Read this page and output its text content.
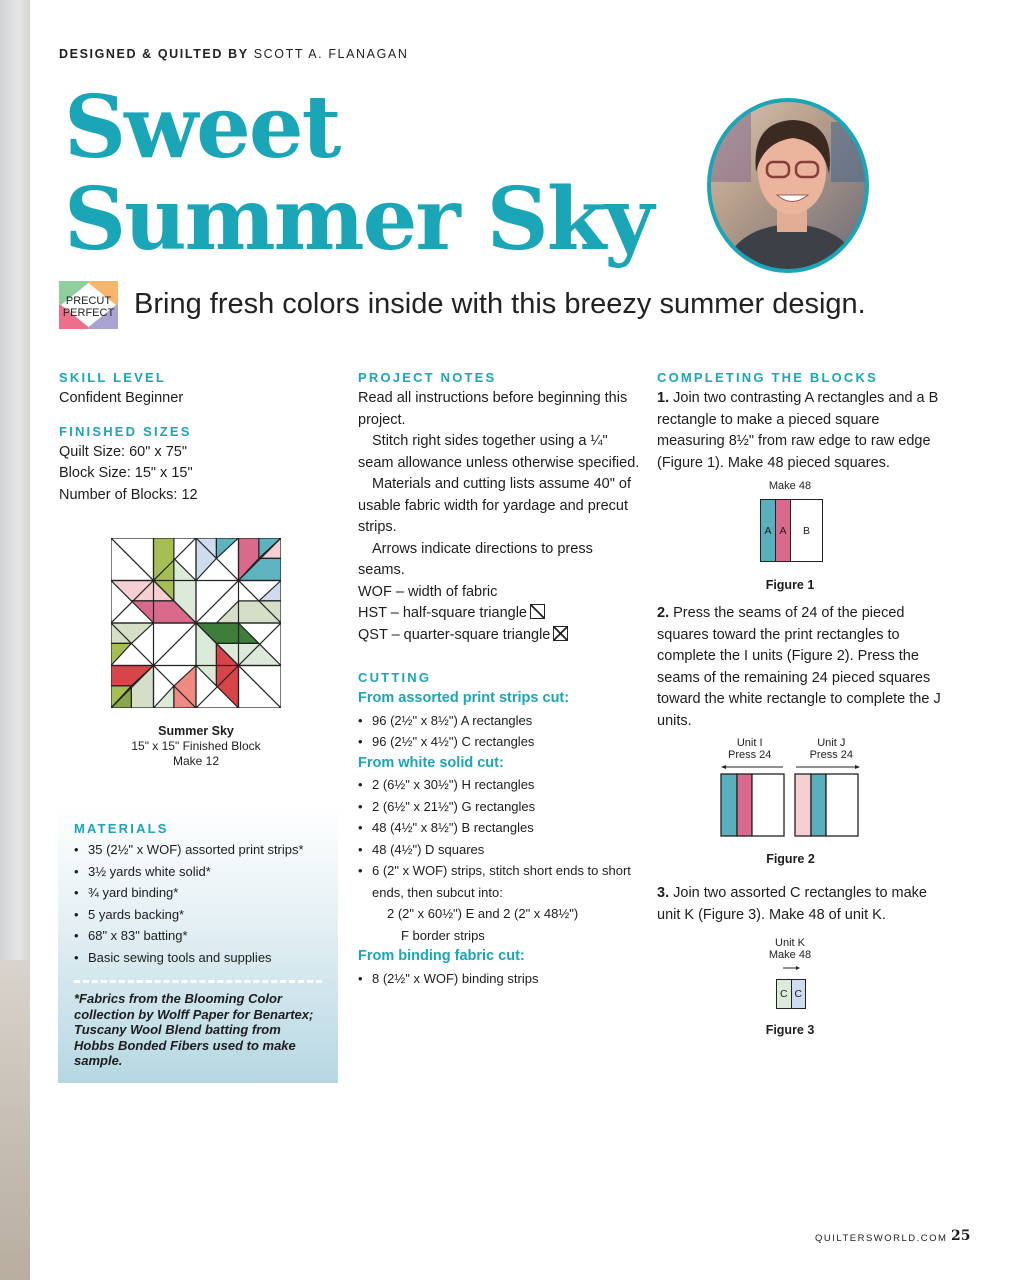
DESIGNED & QUILTED BY SCOTT A. FLANAGAN
Sweet
Summer Sky
PRECUT
PERFECT Bring fresh colors inside with this breezy summer design.
SKILL LEVEL
Confident Beginner
FINISHED SIZES
Quilt Size: 60" x 75"
Block Size: 15" x 15"
Number of Blocks: 12
Summer Sky
15" x 15" Finished Block
Make 12
MATERIALS
• 35 (2½" x WOF) assorted print strips*
• 3½ yards white solid*
• ¾ yard binding*
• 5 yards backing*
• 68" x 83" batting*
• Basic sewing tools and supplies
*Fabrics from the Blooming Color collection by Wolff Paper for Benartex; Tuscany Wool Blend batting from Hobbs Bonded Fibers used to make sample.
PROJECT NOTES
Read all instructions before beginning this project.
Stitch right sides together using a ¼" seam allowance unless otherwise specified.
Materials and cutting lists assume 40" of usable fabric width for yardage and precut strips.
Arrows indicate directions to press seams.
WOF – width of fabric
HST – half-square triangle
QST – quarter-square triangle
CUTTING
From assorted print strips cut:
• 96 (2½" x 8½") A rectangles
• 96 (2½" x 4½") C rectangles
From white solid cut:
• 2 (6½" x 30½") H rectangles
• 2 (6½" x 21½") G rectangles
• 48 (4½" x 8½") B rectangles
• 48 (4½") D squares
• 6 (2" x WOF) strips, stitch short ends to short ends, then subcut into:
2 (2" x 60½") E and 2 (2" x 48½")
F border strips
From binding fabric cut:
• 8 (2½" x WOF) binding strips
COMPLETING THE BLOCKS
1. Join two contrasting A rectangles and a B rectangle to make a pieced square measuring 8½" from raw edge to raw edge (Figure 1). Make 48 pieced squares.
Make 48
A A	B
Figure 1
2. Press the seams of 24 of the pieced squares toward the print rectangles to complete the I units (Figure 2). Press the seams of the remaining 24 pieced squares toward the white rectangle to complete the J units.
Unit I
Press 24
Unit J
Press 24
Figure 2
3. Join two assorted C rectangles to make unit K (Figure 3). Make 48 of unit K.
Unit K
Make 48
C C
Figure 3
QUILTERSWORLD.COM 25
